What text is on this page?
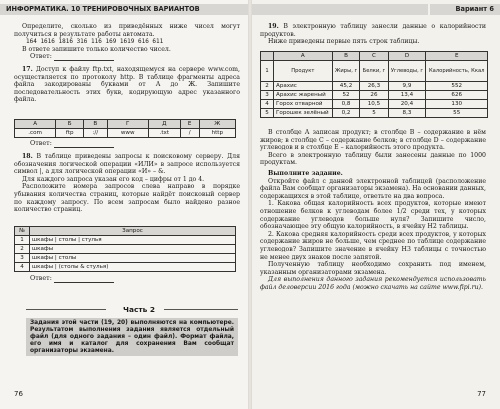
ИНФОРМАТИКА. 10 ТРЕНИРОВОЧНЫХ ВАРИАНТОВ

Определите, сколько из приведённых ниже чисел могут получиться в результате работы автомата.

164 1616 1816 316 116 169 1619 616 611

В ответе запишите только количество чисел.

Ответ:

17. Доступ к файлу ftp.txt, находящемуся на сервере www.com, осуществляется по протоколу http. В таблице фрагменты адреса файла закодированы буквами от А до Ж. Запишите последовательность этих букв, кодирующую адрес указанного файла.

А	Б	В	Г	Д	Е	Ж
.com	ftp	://	www	.txt	/	http
Ответ:

18. В таблице приведены запросы к поисковому серверу. Для обозначения логической операции «ИЛИ» в запросе используется символ |, а для логической операции «И» – &.

Для каждого запроса указан его код – цифры от 1 до 4.

Расположите номера запросов слева направо в порядке убывания количества страниц, которые найдёт поисковый сервер по каждому запросу. По всем запросам было найдено разное количество страниц.

№	Запрос
1	шкафы | столы | стулья
2	шкафы
3	шкафы | столы
4	шкафы | (столы & стулья)
Ответ:
Часть 2
Задания этой части (19, 20) выполняются на компьютере. Результатом выполнения задания является отдельный файл (для одного задания – один файл). Формат файла, его имя и каталог для сохранения Вам сообщат организаторы экзамена.
76
Вариант 6

19. В электронную таблицу занесли данные о калорийности продуктов.

Ниже приведены первые пять строк таблицы.

	A	B	C	D	E
1	Продукт	Жиры, г	Белки, г	Углеводы, г	Калорийность, Ккал
2	Арахис	45,2	26,3	9,9	552
3	Арахис жареный	52	26	13,4	626
4	Горох отварной	0,8	10,5	20,4	130
5	Горошек зелёный	0,2	5	8,3	55

В столбце А записан продукт; в столбце В – содержание в нём жиров; в столбце С – содержание белков; в столбце D – содержание углеводов и в столбце Е – калорийность этого продукта.

Всего в электронную таблицу были занесены данные по 1000 продуктам.

Выполните задание.

Откройте файл с данной электронной таблицей (расположение файла Вам сообщат организаторы экзамена). На основании данных, содержащихся в этой таблице, ответьте на два вопроса.

1. Какова общая калорийность всех продуктов, которые имеют отношение белков к углеводам более 1/2 среди тех, у которых содержание углеводов больше нуля? Запишите число, обозначающее эту общую калорийность, в ячейку H2 таблицы.

2. Какова средняя калорийность среди всех продуктов, у которых содержание жиров не больше, чем среднее по таблице содержание углеводов? Запишите значение в ячейку H3 таблицы с точностью не менее двух знаков после запятой.

Полученную таблицу необходимо сохранить под именем, указанным организаторами экзамена.

Для выполнения данного задания рекомендуется использовать файл деловерсии 2016 года (можно скачать на сайте www.fipi.ru).

77
